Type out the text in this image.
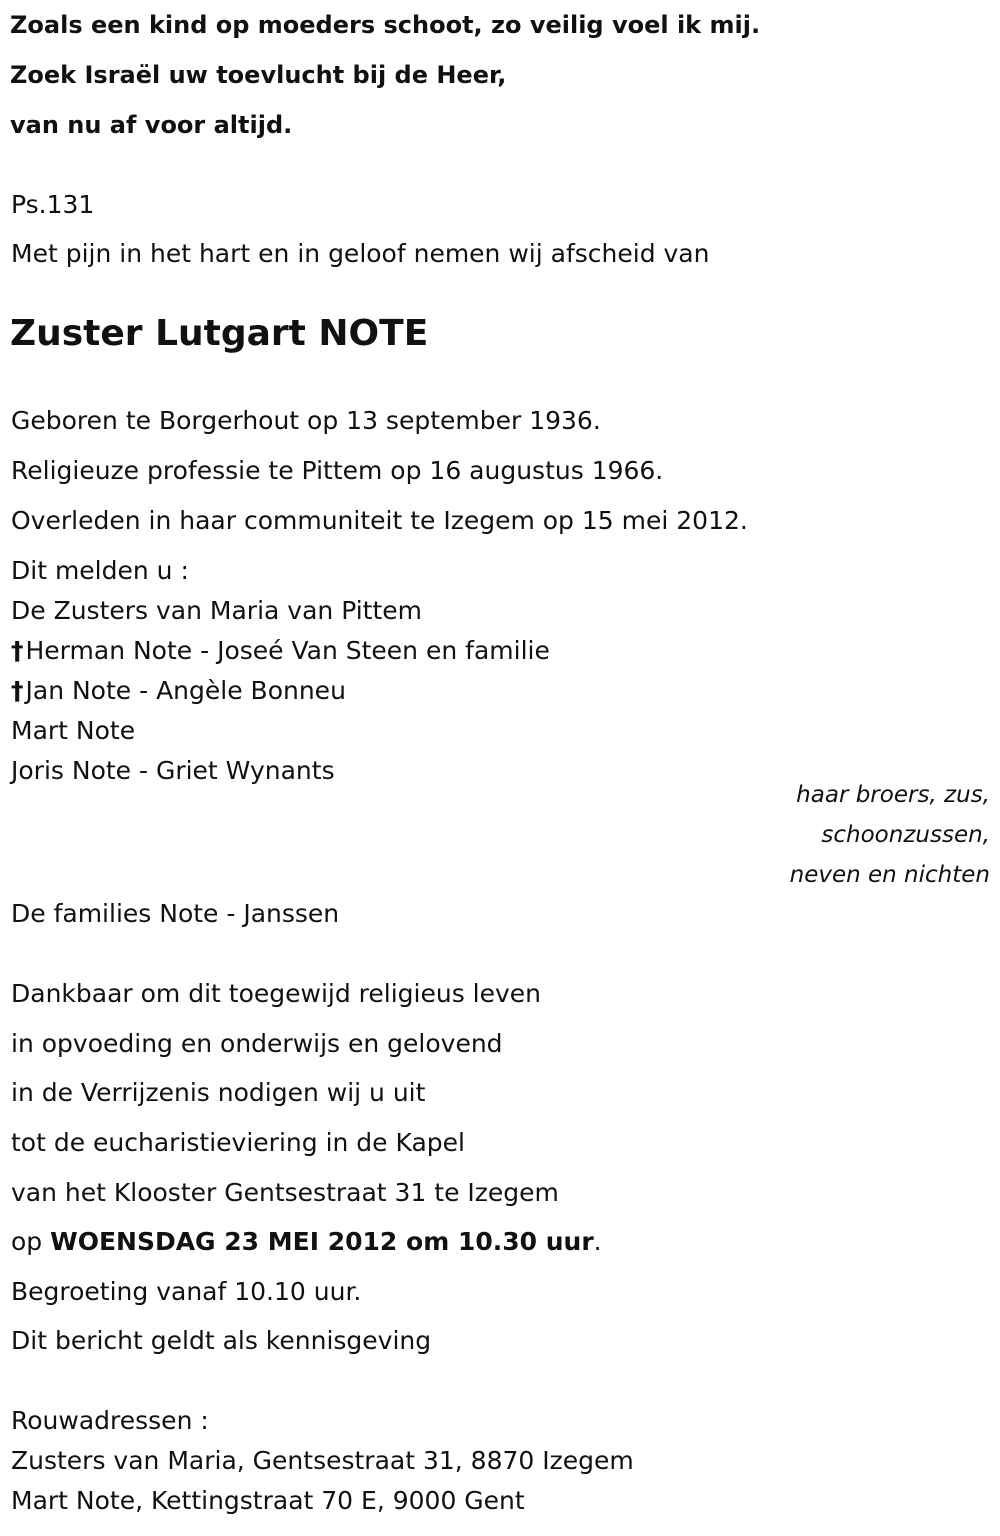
Zoals een kind op moeders schoot, zo veilig voel ik mij.
Zoek Israël uw toevlucht bij de Heer,
van nu af voor altijd.
Ps.131
Met pijn in het hart en in geloof nemen wij afscheid van
Zuster Lutgart NOTE
Geboren te Borgerhout op 13 september 1936.
Religieuze professie te Pittem op 16 augustus 1966.
Overleden in haar communiteit te Izegem op 15 mei 2012.
Dit melden u :
De Zusters van Maria van Pittem
†Herman Note - Joseé Van Steen en familie
†Jan Note - Angèle Bonneu
Mart Note
Joris Note - Griet Wynants
haar broers, zus,
schoonzussen,
neven en nichten
De families Note - Janssen
Dankbaar om dit toegewijd religieus leven
in opvoeding en onderwijs en gelovend
in de Verrijzenis nodigen wij u uit
tot de eucharistieviering in de Kapel
van het Klooster Gentsestraat 31 te Izegem
op WOENSDAG 23 MEI 2012 om 10.30 uur.
Begroeting vanaf 10.10 uur.
Dit bericht geldt als kennisgeving
Rouwadressen :
Zusters van Maria, Gentsestraat 31, 8870 Izegem
Mart Note, Kettingstraat 70 E, 9000 Gent
